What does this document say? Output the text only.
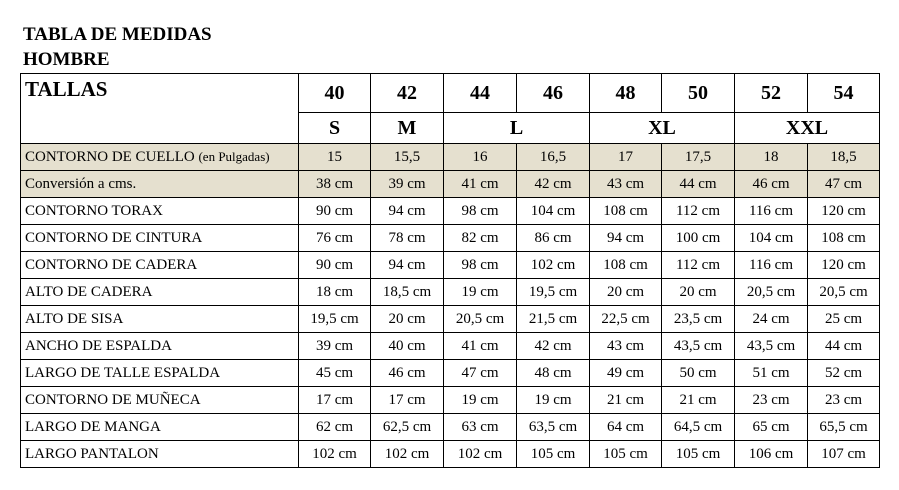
TABLA DE MEDIDAS
HOMBRE
TALLAS	40	42	44	46	48	50	52	54
	S	M	L		XL		XXL	
CONTORNO DE CUELLO (en Pulgadas)	15	15,5	16	16,5	17	17,5	18	18,5
Conversión a cms.	38 cm	39 cm	41 cm	42 cm	43 cm	44 cm	46 cm	47 cm
CONTORNO TORAX	90 cm	94 cm	98 cm	104 cm	108 cm	112 cm	116 cm	120 cm
CONTORNO DE CINTURA	76 cm	78 cm	82 cm	86 cm	94 cm	100 cm	104 cm	108 cm
CONTORNO DE CADERA	90 cm	94 cm	98 cm	102 cm	108 cm	112 cm	116 cm	120 cm
ALTO DE CADERA	18 cm	18,5 cm	19 cm	19,5 cm	20 cm	20 cm	20,5 cm	20,5 cm
ALTO DE SISA	19,5 cm	20 cm	20,5 cm	21,5 cm	22,5 cm	23,5 cm	24 cm	25 cm
ANCHO DE ESPALDA	39 cm	40 cm	41 cm	42 cm	43 cm	43,5 cm	43,5 cm	44 cm
LARGO DE TALLE ESPALDA	45 cm	46 cm	47 cm	48 cm	49 cm	50 cm	51 cm	52 cm
CONTORNO DE MUÑECA	17 cm	17 cm	19 cm	19 cm	21 cm	21 cm	23 cm	23 cm
LARGO DE MANGA	62 cm	62,5 cm	63 cm	63,5 cm	64 cm	64,5 cm	65 cm	65,5 cm
LARGO PANTALON	102 cm	102 cm	102 cm	105 cm	105 cm	105 cm	106 cm	107 cm
